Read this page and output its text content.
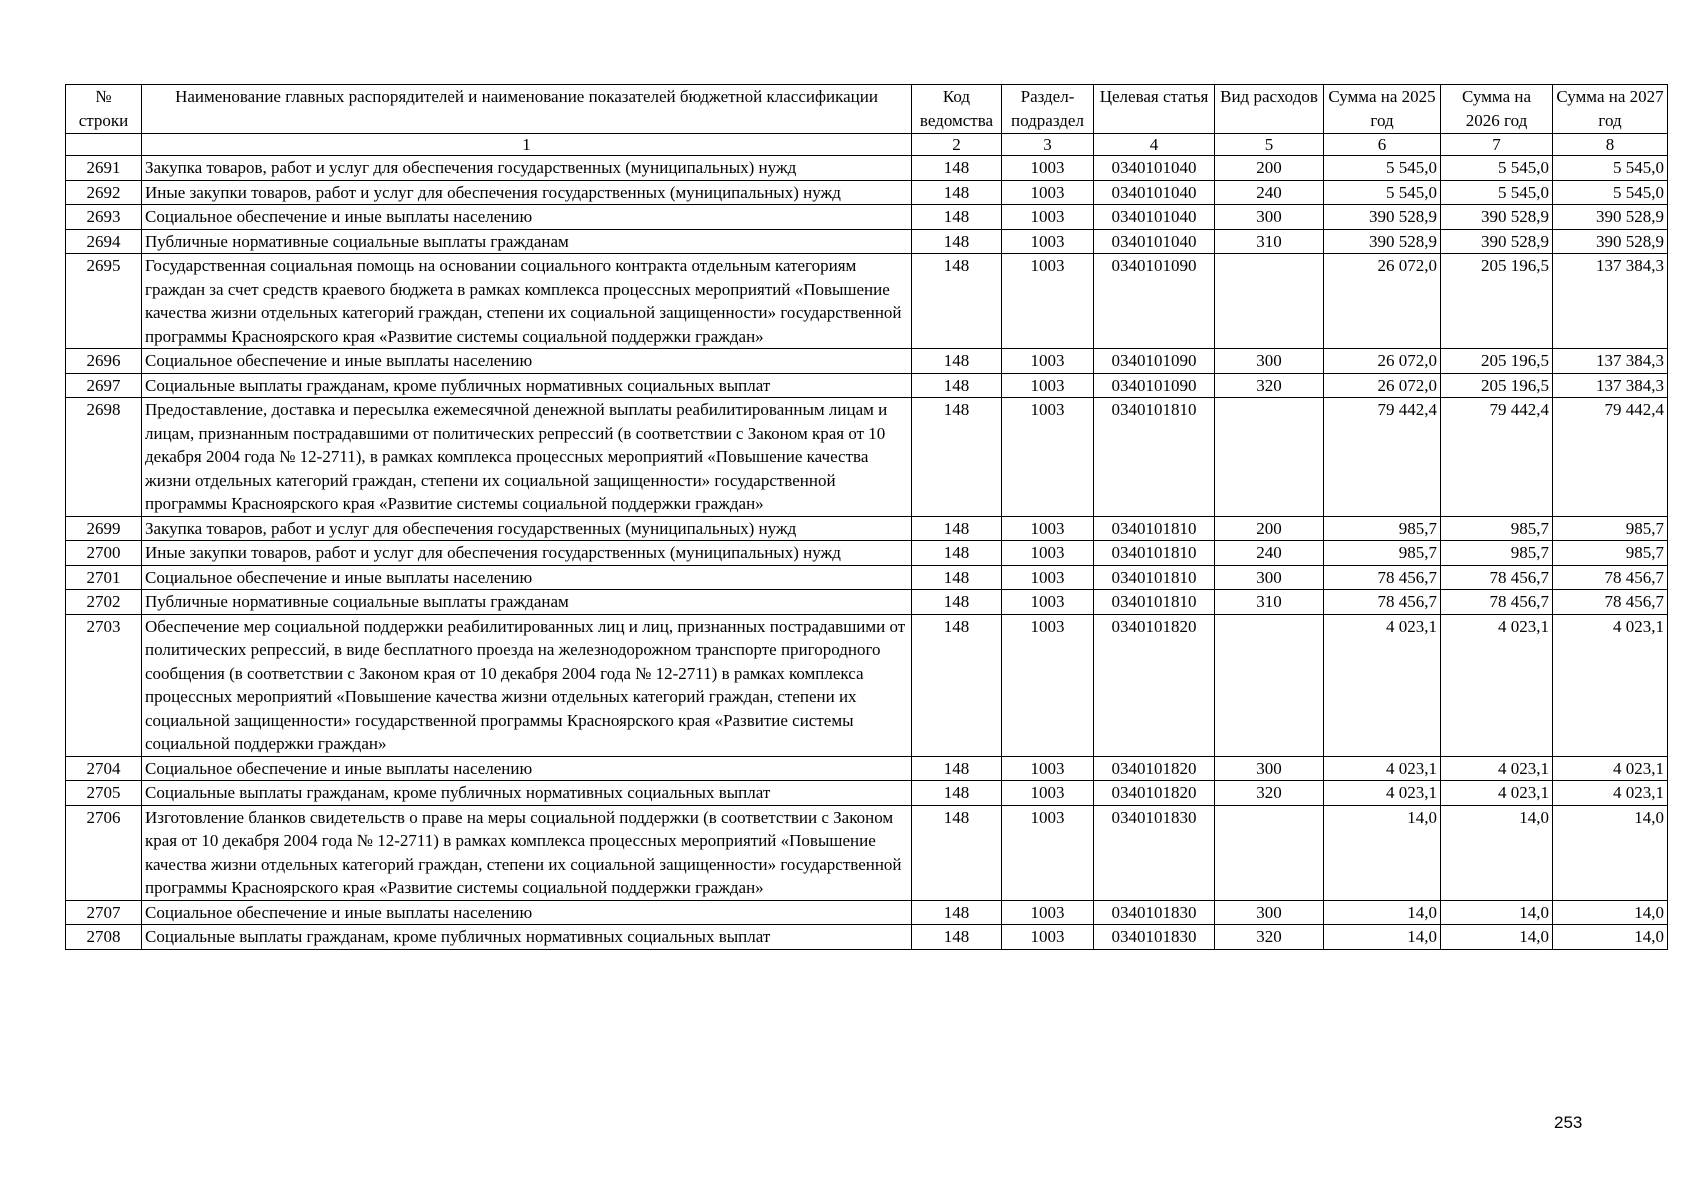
№ строки	Наименование главных распорядителей и наименование показателей бюджетной классификации	Код ведомства	Раздел-подраздел	Целевая статья	Вид расходов	Сумма на 2025 год	Сумма на 2026 год	Сумма на 2027 год
	1	2	3	4	5	6	7	8
2691	Закупка товаров, работ и услуг для обеспечения государственных (муниципальных) нужд	148	1003	0340101040	200	5 545,0	5 545,0	5 545,0
2692	Иные закупки товаров, работ и услуг для обеспечения государственных (муниципальных) нужд	148	1003	0340101040	240	5 545,0	5 545,0	5 545,0
2693	Социальное обеспечение и иные выплаты населению	148	1003	0340101040	300	390 528,9	390 528,9	390 528,9
2694	Публичные нормативные социальные выплаты гражданам	148	1003	0340101040	310	390 528,9	390 528,9	390 528,9
2695	Государственная социальная помощь на основании социального контракта отдельным категориям граждан за счет средств краевого бюджета в рамках комплекса процессных мероприятий «Повышение качества жизни отдельных категорий граждан, степени их социальной защищенности» государственной программы Красноярского края «Развитие системы социальной поддержки граждан»	148	1003	0340101090		26 072,0	205 196,5	137 384,3
2696	Социальное обеспечение и иные выплаты населению	148	1003	0340101090	300	26 072,0	205 196,5	137 384,3
2697	Социальные выплаты гражданам, кроме публичных нормативных социальных выплат	148	1003	0340101090	320	26 072,0	205 196,5	137 384,3
2698	Предоставление, доставка и пересылка ежемесячной денежной выплаты реабилитированным лицам и лицам, признанным пострадавшими от политических репрессий (в соответствии с Законом края от 10 декабря 2004 года № 12-2711), в рамках комплекса процессных мероприятий «Повышение качества жизни отдельных категорий граждан, степени их социальной защищенности» государственной программы Красноярского края «Развитие системы социальной поддержки граждан»	148	1003	0340101810		79 442,4	79 442,4	79 442,4
2699	Закупка товаров, работ и услуг для обеспечения государственных (муниципальных) нужд	148	1003	0340101810	200	985,7	985,7	985,7
2700	Иные закупки товаров, работ и услуг для обеспечения государственных (муниципальных) нужд	148	1003	0340101810	240	985,7	985,7	985,7
2701	Социальное обеспечение и иные выплаты населению	148	1003	0340101810	300	78 456,7	78 456,7	78 456,7
2702	Публичные нормативные социальные выплаты гражданам	148	1003	0340101810	310	78 456,7	78 456,7	78 456,7
2703	Обеспечение мер социальной поддержки реабилитированных лиц и лиц, признанных пострадавшими от политических репрессий, в виде бесплатного проезда на железнодорожном транспорте пригородного сообщения (в соответствии с Законом края от 10 декабря 2004 года № 12-2711) в рамках комплекса процессных мероприятий «Повышение качества жизни отдельных категорий граждан, степени их социальной защищенности» государственной программы Красноярского края «Развитие системы социальной поддержки граждан»	148	1003	0340101820		4 023,1	4 023,1	4 023,1
2704	Социальное обеспечение и иные выплаты населению	148	1003	0340101820	300	4 023,1	4 023,1	4 023,1
2705	Социальные выплаты гражданам, кроме публичных нормативных социальных выплат	148	1003	0340101820	320	4 023,1	4 023,1	4 023,1
2706	Изготовление бланков свидетельств о праве на меры социальной поддержки (в соответствии с Законом края от 10 декабря 2004 года № 12-2711) в рамках комплекса процессных мероприятий «Повышение качества жизни отдельных категорий граждан, степени их социальной защищенности» государственной программы Красноярского края «Развитие системы социальной поддержки граждан»	148	1003	0340101830		14,0	14,0	14,0
2707	Социальное обеспечение и иные выплаты населению	148	1003	0340101830	300	14,0	14,0	14,0
2708	Социальные выплаты гражданам, кроме публичных нормативных социальных выплат	148	1003	0340101830	320	14,0	14,0	14,0
253
